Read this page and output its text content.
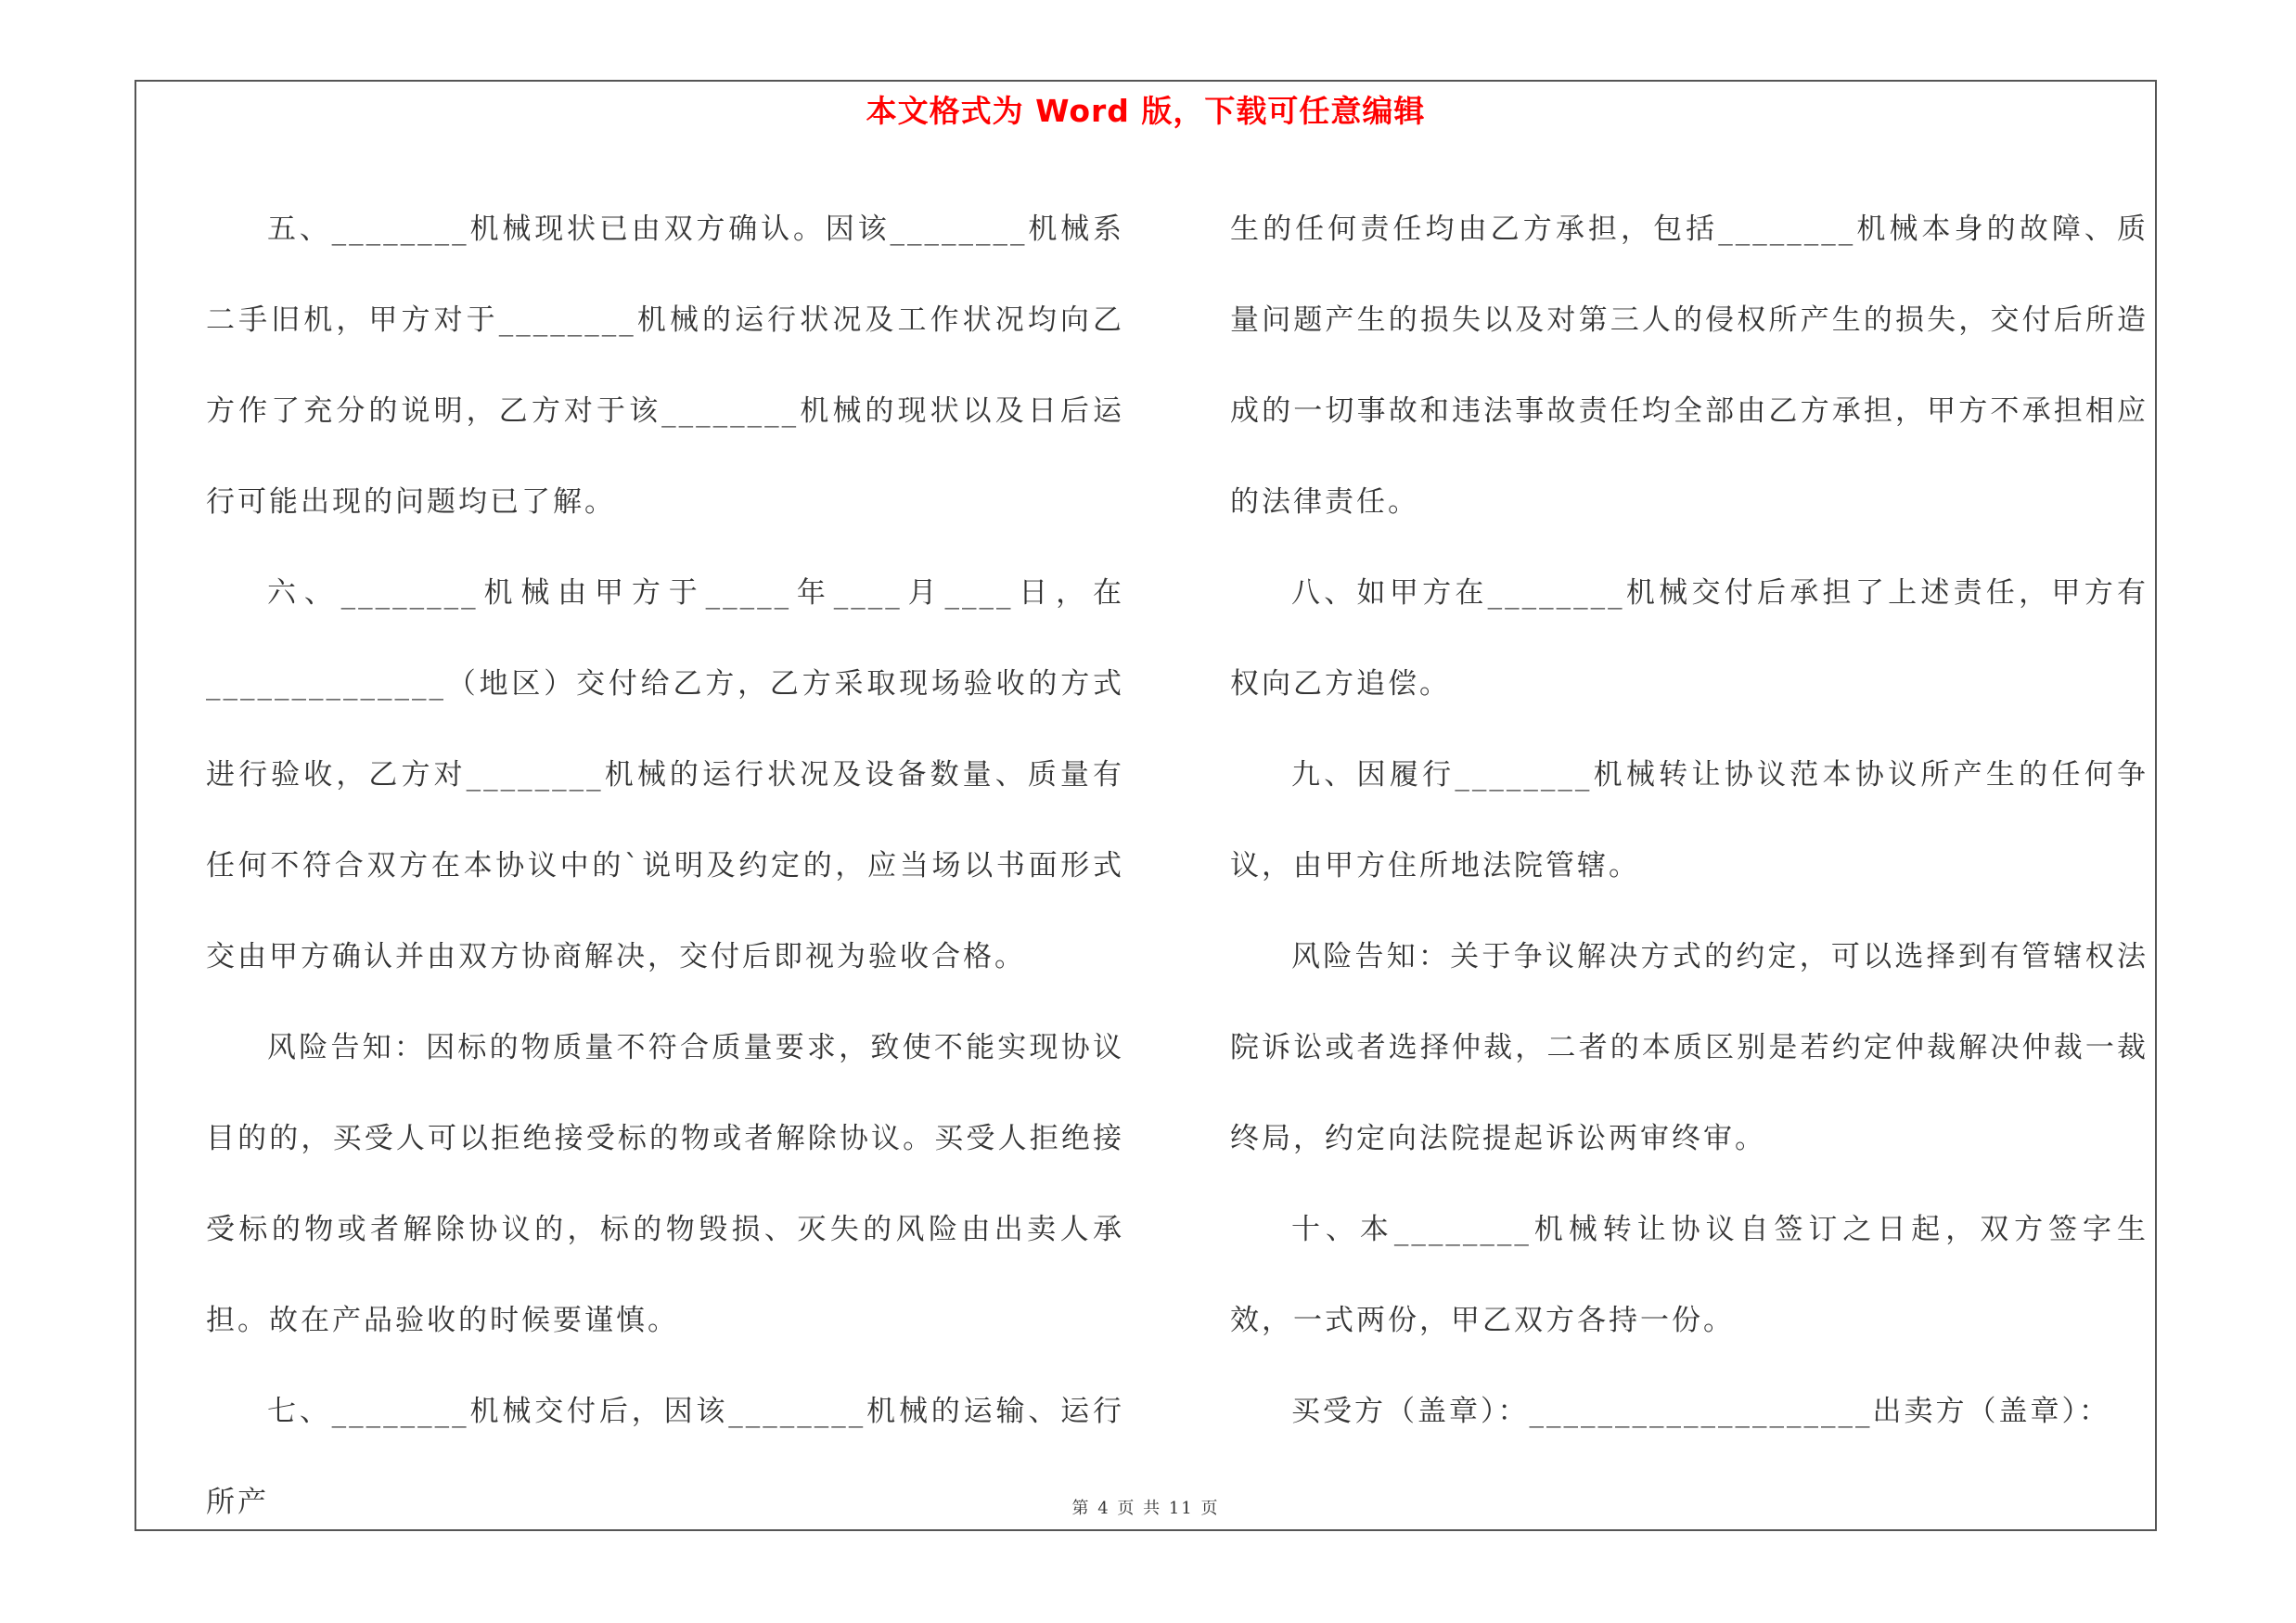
本文格式为 Word 版，下载可任意编辑

五、________机械现状已由双方确认。因该________机械系二手旧机，甲方对于________机械的运行状况及工作状况均向乙方作了充分的说明，乙方对于该________机械的现状以及日后运行可能出现的问题均已了解。

六、________机械由甲方于_____年____月____日，在______________（地区）交付给乙方，乙方采取现场验收的方式进行验收，乙方对________机械的运行状况及设备数量、质量有任何不符合双方在本协议中的`说明及约定的，应当场以书面形式交由甲方确认并由双方协商解决，交付后即视为验收合格。

风险告知：因标的物质量不符合质量要求，致使不能实现协议目的的，买受人可以拒绝接受标的物或者解除协议。买受人拒绝接受标的物或者解除协议的，标的物毁损、灭失的风险由出卖人承担。故在产品验收的时候要谨慎。

七、________机械交付后，因该________机械的运输、运行所产

生的任何责任均由乙方承担，包括________机械本身的故障、质量问题产生的损失以及对第三人的侵权所产生的损失，交付后所造成的一切事故和违法事故责任均全部由乙方承担，甲方不承担相应的法律责任。

八、如甲方在________机械交付后承担了上述责任，甲方有权向乙方追偿。

九、因履行________机械转让协议范本协议所产生的任何争议，由甲方住所地法院管辖。

风险告知：关于争议解决方式的约定，可以选择到有管辖权法院诉讼或者选择仲裁，二者的本质区别是若约定仲裁解决仲裁一裁终局，约定向法院提起诉讼两审终审。

十、本________机械转让协议自签订之日起，双方签字生效，一式两份，甲乙双方各持一份。

买受方（盖章）：____________________出卖方（盖章）：

第 4 页 共 11 页
